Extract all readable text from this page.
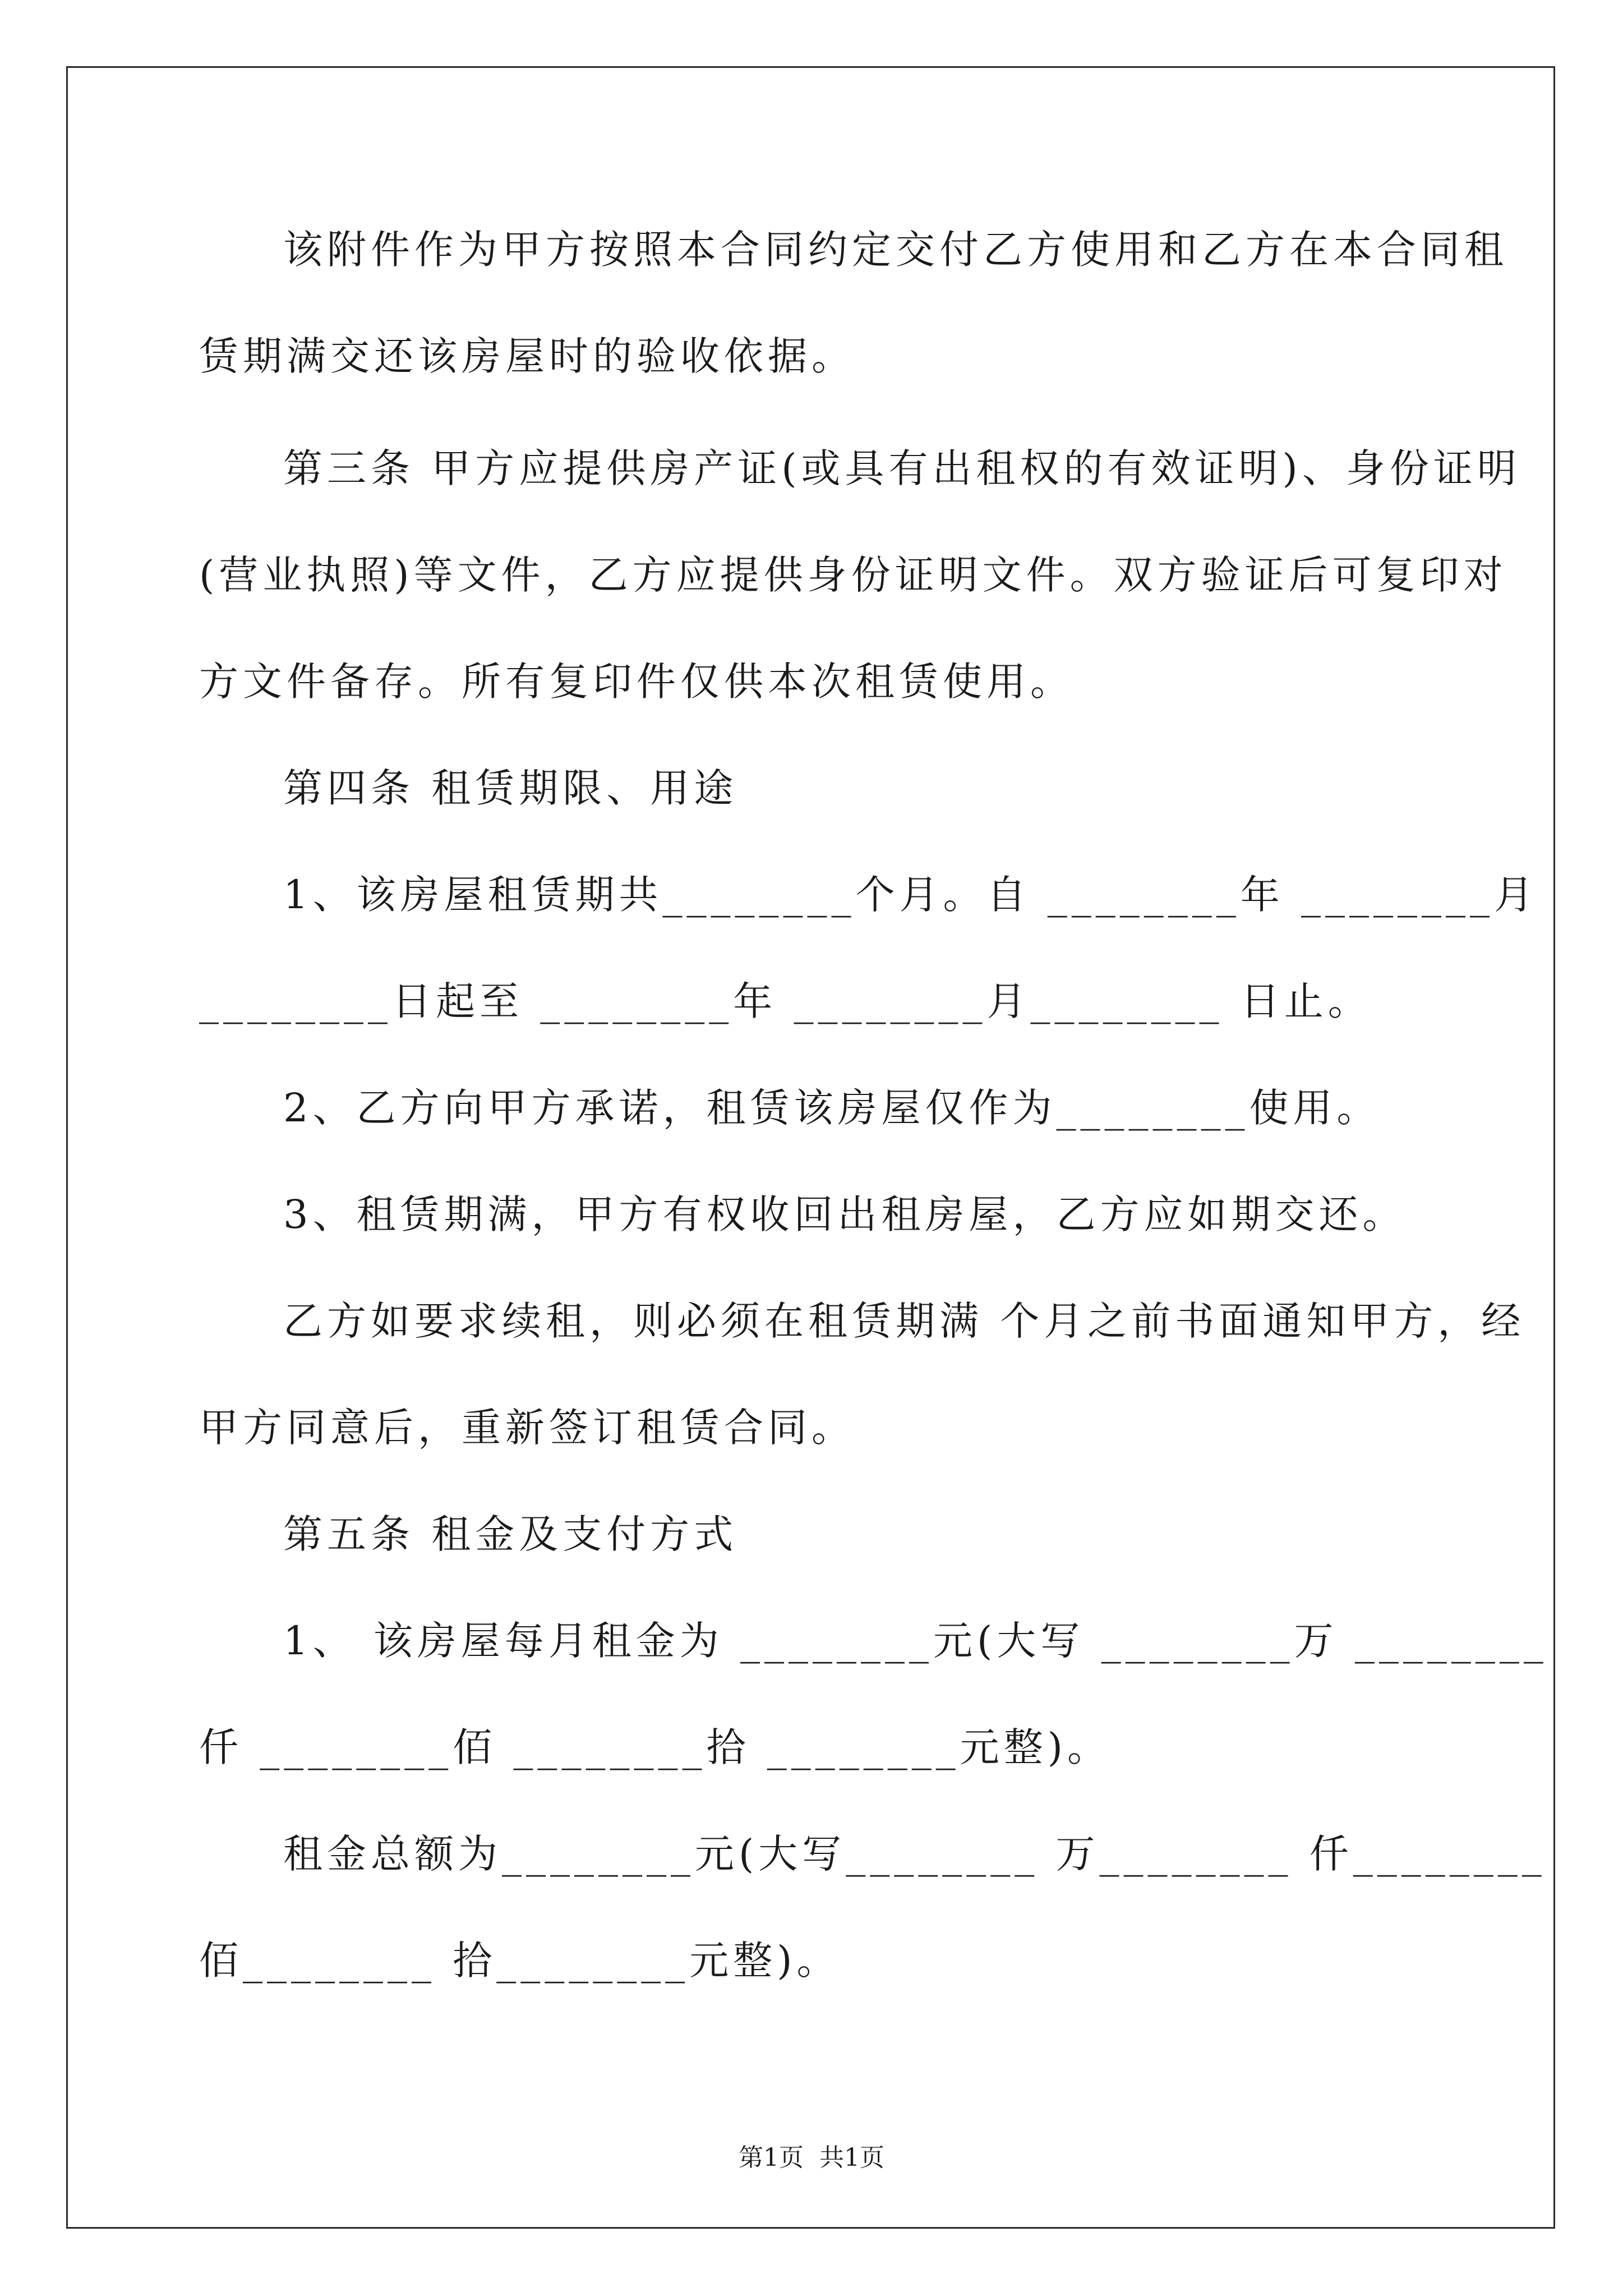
该附件作为甲方按照本合同约定交付乙方使用和乙方在本合同租
赁期满交还该房屋时的验收依据。
第三条 甲方应提供房产证(或具有出租权的有效证明)、身份证明
(营业执照)等文件，乙方应提供身份证明文件。双方验证后可复印对
方文件备存。所有复印件仅供本次租赁使用。
第四条 租赁期限、用途
1、该房屋租赁期共________个月。自 ________年 ________月
________日起至 ________年 ________月________ 日止。
2、乙方向甲方承诺，租赁该房屋仅作为________使用。
3、租赁期满，甲方有权收回出租房屋，乙方应如期交还。
乙方如要求续租，则必须在租赁期满 个月之前书面通知甲方，经
甲方同意后，重新签订租赁合同。
第五条 租金及支付方式
1、 该房屋每月租金为 ________元(大写 ________万 ________
仟 ________佰 ________拾 ________元整)。
租金总额为________元(大写________ 万________ 仟________
佰________ 拾________元整)。
第1页  共1页
